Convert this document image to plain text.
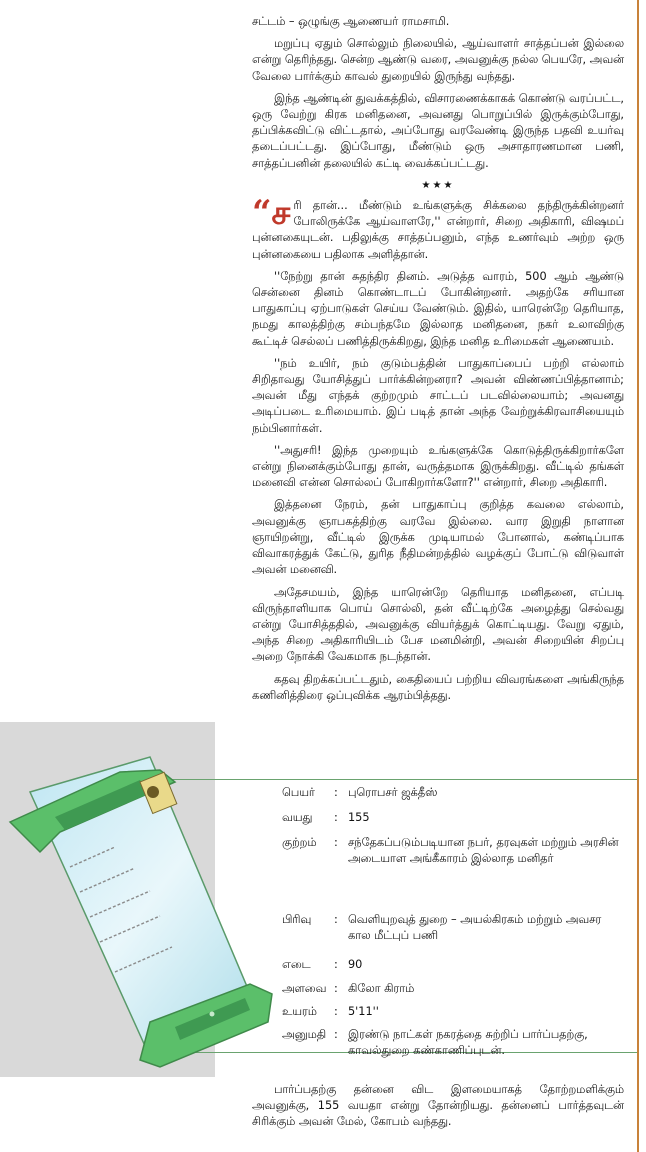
சட்டம் – ஒழுங்கு ஆணையர் ராமசாமி.

மறுப்பு ஏதும் சொல்லும் நிலையில், ஆய்வாளர் சாத்தப்பன் இல்லை என்று தெரிந்தது. சென்ற ஆண்டு வரை, அவனுக்கு நல்ல பெயரே, அவன் வேலை பார்க்கும் காவல் துறையில் இருந்து வந்தது.

இந்த ஆண்டின் துவக்கத்தில், விசாரணைக்காகக் கொண்டு வரப்பட்ட, ஒரு வேற்று கிரக மனிதனை, அவனது பொறுப்பில் இருக்கும்போது, தப்பிக்கவிட்டு விட்டதால், அப்போது வரவேண்டி இருந்த பதவி உயர்வு தடைப்பட்டது. இப்போது, மீண்டும் ஒரு அசாதாரணமான பணி, சாத்தப்பனின் தலையில் கட்டி வைக்கப்பட்டது.

★★★

“சரி தான்... மீண்டும் உங்களுக்கு சிக்கலை தந்திருக்கின்றனர் போலிருக்கே ஆய்வாளரே,'' என்றார், சிறை அதிகாரி, விஷமப் புன்னகையுடன். பதிலுக்கு சாத்தப்பனும், எந்த உணர்வும் அற்ற ஒரு புன்னகையை பதிலாக அளித்தான்.

''நேற்று தான் சுதந்திர தினம். அடுத்த வாரம், 500 ஆம் ஆண்டு சென்னை தினம் கொண்டாடப் போகின்றனர். அதற்கே சரியான பாதுகாப்பு ஏற்பாடுகள் செய்ய வேண்டும். இதில், யாரென்றே தெரியாத, நமது காலத்திற்கு சம்பந்தமே இல்லாத மனிதனை, நகர் உலாவிற்கு கூட்டிச் செல்லப் பணித்திருக்கிறது, இந்த மனித உரிமைகள் ஆணையம்.

''நம் உயிர், நம் குடும்பத்தின் பாதுகாப்பைப் பற்றி எல்லாம் சிறிதாவது யோசித்துப் பார்க்கின்றனரா? அவன் விண்ணப்பித்தானாம்; அவன் மீது எந்தக் குற்றமும் சாட்டப் படவில்லையாம்; அவனது அடிப்படை உரிமையாம். இப் படித் தான் அந்த வேற்றுக்கிரவாசியையும் நம்பினார்கள்.

''அதுசரி! இந்த முறையும் உங்களுக்கே கொடுத்திருக்கிறார்களே என்று நினைக்கும்போது தான், வருத்தமாக இருக்கிறது. வீட்டில் தங்கள் மனைவி என்ன சொல்லப் போகிறார்களோ?'' என்றார், சிறை அதிகாரி.

இத்தனை நேரம், தன் பாதுகாப்பு குறித்த கவலை எல்லாம், அவனுக்கு ஞாபகத்திற்கு வரவே இல்லை. வார இறுதி நாளான ஞாயிறன்று, வீட்டில் இருக்க முடியாமல் போனால், கண்டிப்பாக விவாகரத்துக் கேட்டு, துரித நீதிமன்றத்தில் வழக்குப் போட்டு விடுவாள் அவன் மனைவி.

அதேசமயம், இந்த யாரென்றே தெரியாத மனிதனை, எப்படி விருந்தாளியாக பொய் சொல்லி, தன் வீட்டிற்கே அழைத்து செல்வது என்று யோசித்ததில், அவனுக்கு வியர்த்துக் கொட்டியது. வேறு ஏதும், அந்த சிறை அதிகாரியிடம் பேச மனமின்றி, அவன் சிறையின் சிறப்பு அறை நோக்கி வேகமாக நடந்தான்.

கதவு திறக்கப்பட்டதும், கைதியைப் பற்றிய விவரங்களை அங்கிருந்த கணினித்திரை ஒப்புவிக்க ஆரம்பித்தது.

பெயர்	: புரொபசர் ஜக்தீஸ்
வயது	: 155
குற்றம்	: சந்தேகப்படும்படியான நபர், தரவுகள் மற்றும் அரசின் அடையாள அங்கீகாரம் இல்லாத மனிதர்
பிரிவு	: வெளியுறவுத் துறை – அயல்கிரகம் மற்றும் அவசர கால மீட்புப் பணி
எடை	: 90
அளவை : கிலோ கிராம்
உயரம்	: 5'11''
அனுமதி : இரண்டு நாட்கள் நகரத்தை சுற்றிப் பார்ப்பதற்கு, காவல்துறை கண்காணிப்புடன்.

பார்ப்பதற்கு தன்னை விட இளமையாகத் தோற்றமளிக்கும் அவனுக்கு, 155 வயதா என்று தோன்றியது. தன்னைப் பார்த்தவுடன் சிரிக்கும் அவன் மேல், கோபம் வந்தது.
